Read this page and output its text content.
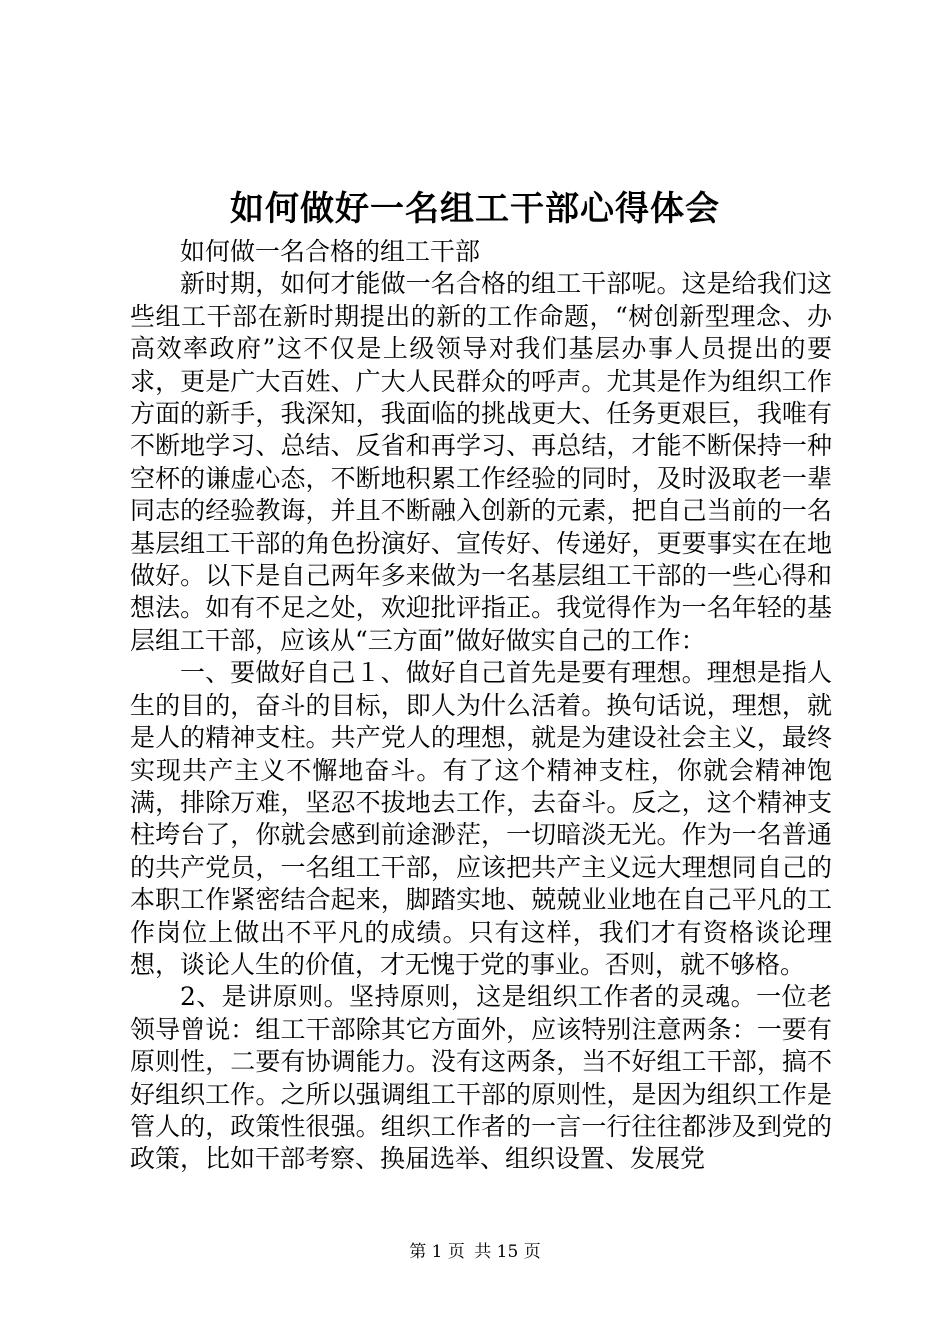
如何做好一名组工干部心得体会

如何做一名合格的组工干部

新时期，如何才能做一名合格的组工干部呢。这是给我们这些组工干部在新时期提出的新的工作命题，“树创新型理念、办高效率政府”这不仅是上级领导对我们基层办事人员提出的要求，更是广大百姓、广大人民群众的呼声。尤其是作为组织工作方面的新手，我深知，我面临的挑战更大、任务更艰巨，我唯有不断地学习、总结、反省和再学习、再总结，才能不断保持一种空杯的谦虚心态，不断地积累工作经验的同时，及时汲取老一辈同志的经验教诲，并且不断融入创新的元素，把自己当前的一名基层组工干部的角色扮演好、宣传好、传递好，更要事实在在地做好。以下是自己两年多来做为一名基层组工干部的一些心得和想法。如有不足之处，欢迎批评指正。我觉得作为一名年轻的基层组工干部，应该从“三方面”做好做实自己的工作：

一、要做好自己１、做好自己首先是要有理想。理想是指人生的目的，奋斗的目标，即人为什么活着。换句话说，理想，就是人的精神支柱。共产党人的理想，就是为建设社会主义，最终实现共产主义不懈地奋斗。有了这个精神支柱，你就会精神饱满，排除万难，坚忍不拔地去工作，去奋斗。反之，这个精神支柱垮台了，你就会感到前途渺茫，一切暗淡无光。作为一名普通的共产党员，一名组工干部，应该把共产主义远大理想同自己的本职工作紧密结合起来，脚踏实地、兢兢业业地在自己平凡的工作岗位上做出不平凡的成绩。只有这样，我们才有资格谈论理想，谈论人生的价值，才无愧于党的事业。否则，就不够格。

2、是讲原则。坚持原则，这是组织工作者的灵魂。一位老领导曾说：组工干部除其它方面外，应该特别注意两条：一要有原则性，二要有协调能力。没有这两条，当不好组工干部，搞不好组织工作。之所以强调组工干部的原则性，是因为组织工作是管人的，政策性很强。组织工作者的一言一行往往都涉及到党的政策，比如干部考察、换届选举、组织设置、发展党

第 1 页 共 15 页
